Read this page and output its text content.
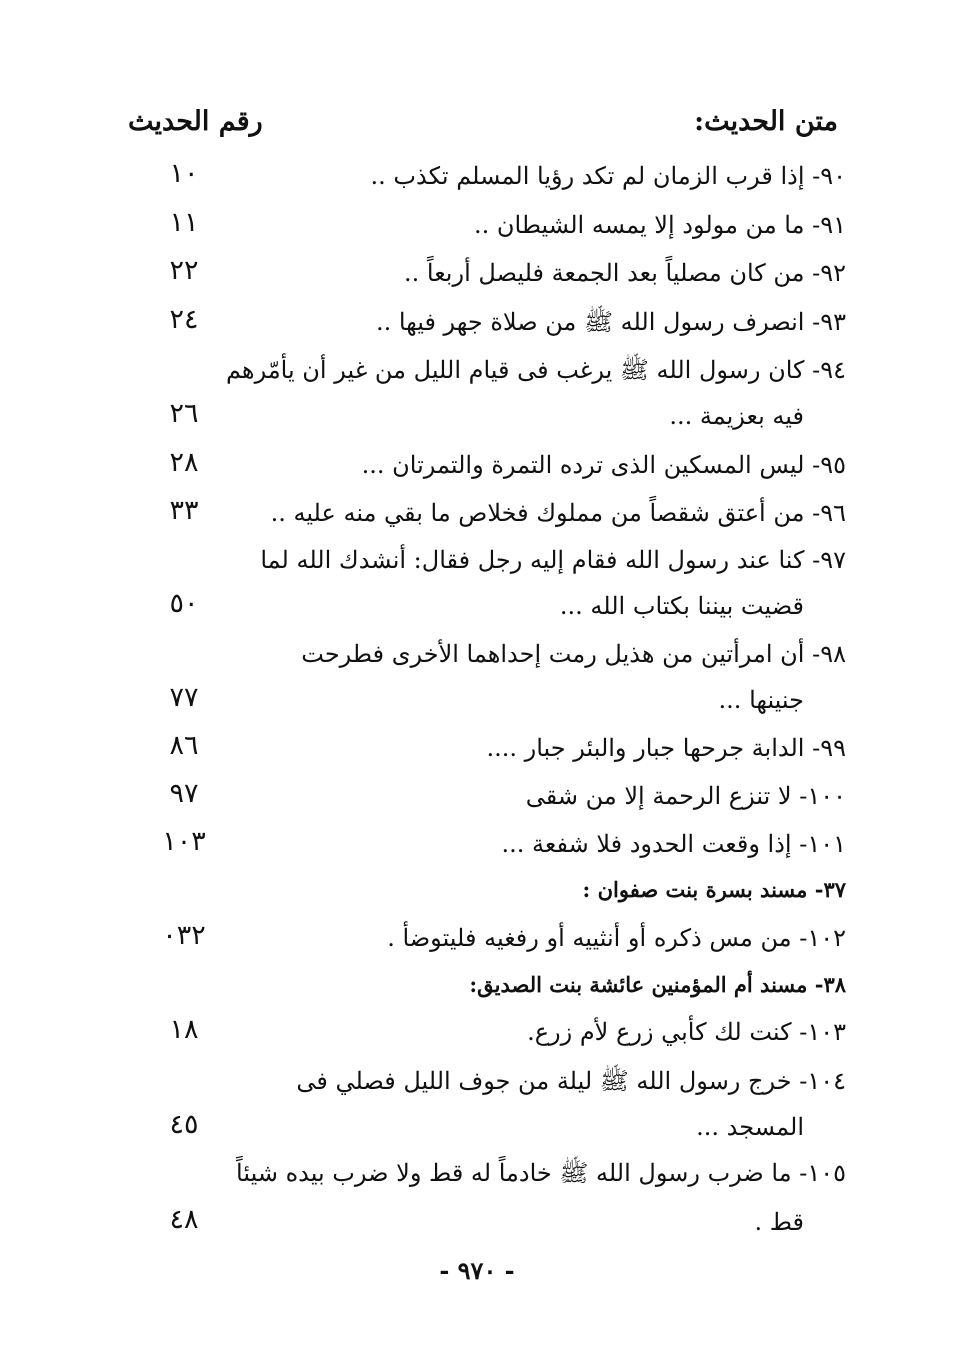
متن الحديث:
رقم الحديث
٩٠- إذا قرب الزمان لم تكد رؤيا المسلم تكذب ..
١٠
٩١- ما من مولود إلا يمسه الشيطان ..
١١
٩٢- من كان مصلياً بعد الجمعة فليصل أربعاً ..
٢٢
٩٣- انصرف رسول الله ﷺ من صلاة جهر فيها ..
٢٤
٩٤- كان رسول الله ﷺ يرغب فى قيام الليل من غير أن يأمّرهم
فيه بعزيمة ...
٢٦
٩٥- ليس المسكين الذى ترده التمرة والتمرتان ...
٢٨
٩٦- من أعتق شقصاً من مملوك فخلاص ما بقي منه عليه ..
٣٣
٩٧- كنا عند رسول الله فقام إليه رجل فقال: أنشدك الله لما
قضيت بيننا بكتاب الله ...
٥٠
٩٨- أن امرأتين من هذيل رمت إحداهما الأخرى فطرحت
جنينها ...
٧٧
٩٩- الدابة جرحها جبار والبئر جبار ....
٨٦
١٠٠- لا تنزع الرحمة إلا من شقى
٩٧
١٠١- إذا وقعت الحدود فلا شفعة ...
١٠٣
٣٧- مسند بسرة بنت صفوان :
١٠٢- من مس ذكره أو أنثييه أو رفغيه فليتوضأ .
٠٣٢
٣٨- مسند أم المؤمنين عائشة بنت الصديق:
١٠٣- كنت لك كأبي زرع لأم زرع.
١٨
١٠٤- خرج رسول الله ﷺ ليلة من جوف الليل فصلي فى
المسجد ...
٤٥
١٠٥- ما ضرب رسول الله ﷺ خادماً له قط ولا ضرب بيده شيئاً
قط .
٤٨
- ٩٧٠ -
